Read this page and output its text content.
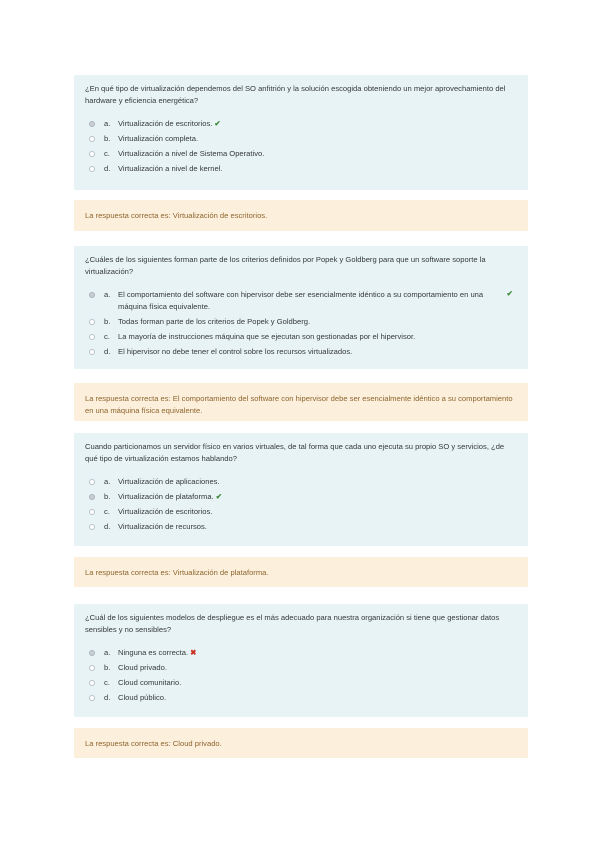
¿En qué tipo de virtualización dependemos del SO anfitrión y la solución escogida obteniendo un mejor aprovechamiento del hardware y eficiencia energética?
a.	Virtualización de escritorios. ✔
b.	Virtualización completa.
c.	Virtualización a nivel de Sistema Operativo.
d.	Virtualización a nivel de kernel.
La respuesta correcta es: Virtualización de escritorios.
¿Cuáles de los siguientes forman parte de los criterios definidos por Popek y Goldberg para que un software soporte la virtualización?
a.	El comportamiento del software con hipervisor debe ser esencialmente idéntico a su comportamiento en una máquina física equivalente.
✔
b.	Todas forman parte de los criterios de Popek y Goldberg.
c.	La mayoría de instrucciones máquina que se ejecutan son gestionadas por el hipervisor.
d.	El hipervisor no debe tener el control sobre los recursos virtualizados.
La respuesta correcta es: El comportamiento del software con hipervisor debe ser esencialmente idéntico a su comportamiento en una máquina física equivalente.
Cuando particionamos un servidor físico en varios virtuales, de tal forma que cada uno ejecuta su propio SO y servicios, ¿de qué tipo de virtualización estamos hablando?
a.	Virtualización de aplicaciones.
b.	Virtualización de plataforma. ✔
c.	Virtualización de escritorios.
d.	Virtualización de recursos.
La respuesta correcta es: Virtualización de plataforma.
¿Cuál de los siguientes modelos de despliegue es el más adecuado para nuestra organización si tiene que gestionar datos sensibles y no sensibles?
a.	Ninguna es correcta. ✖
b.	Cloud privado.
c.	Cloud comunitario.
d.	Cloud público.
La respuesta correcta es: Cloud privado.
